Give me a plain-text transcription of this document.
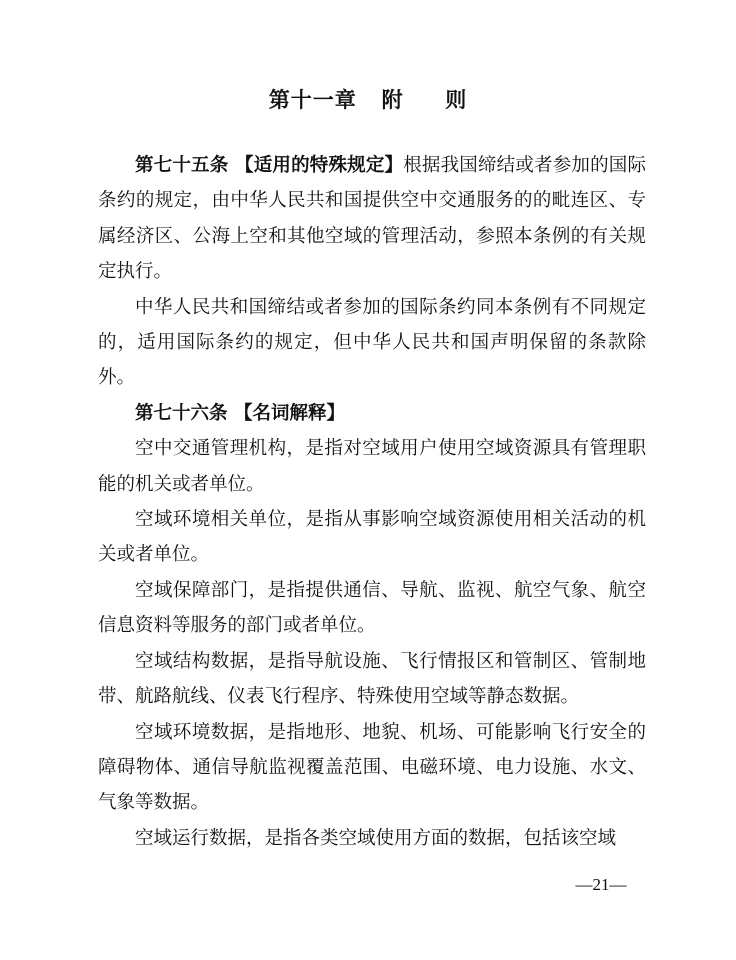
第十一章   附     则

第七十五条 【适用的特殊规定】根据我国缔结或者参加的国际条约的规定，由中华人民共和国提供空中交通服务的的毗连区、专属经济区、公海上空和其他空域的管理活动，参照本条例的有关规定执行。

中华人民共和国缔结或者参加的国际条约同本条例有不同规定的，适用国际条约的规定，但中华人民共和国声明保留的条款除外。

第七十六条 【名词解释】

空中交通管理机构，是指对空域用户使用空域资源具有管理职能的机关或者单位。

空域环境相关单位，是指从事影响空域资源使用相关活动的机关或者单位。

空域保障部门，是指提供通信、导航、监视、航空气象、航空信息资料等服务的部门或者单位。

空域结构数据，是指导航设施、飞行情报区和管制区、管制地带、航路航线、仪表飞行程序、特殊使用空域等静态数据。

空域环境数据，是指地形、地貌、机场、可能影响飞行安全的障碍物体、通信导航监视覆盖范围、电磁环境、电力设施、水文、气象等数据。

空域运行数据，是指各类空域使用方面的数据，包括该空域

—21—
